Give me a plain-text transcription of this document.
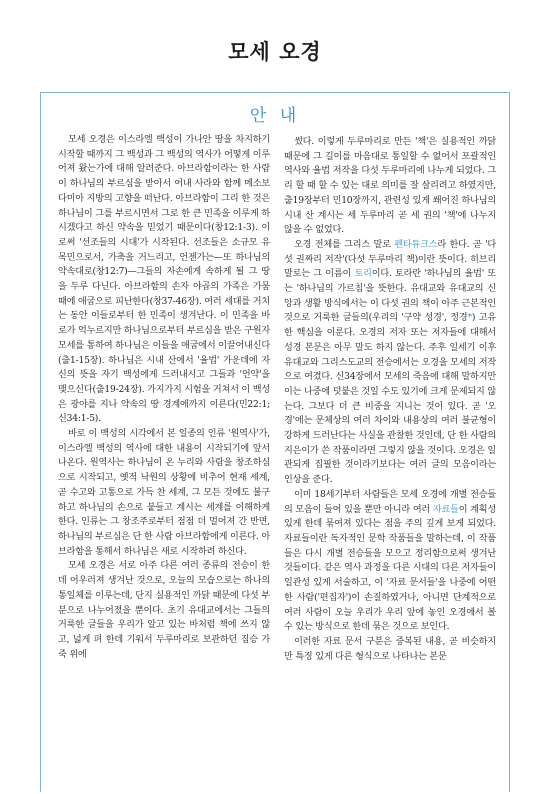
모세 오경
안 내

모세 오경은 이스라엘 백성이 가나안 땅을 차지하기 시작할 때까지 그 백성과 그 백성의 역사가 어떻게 이루어져 왔는가에 대해 알려준다. 아브라함이라는 한 사람이 하나님의 부르심을 받아서 어내 사라와 함께 메소보다미아 지방의 고향을 떠난다. 아브라함이 그리 한 것은 하나님이 그를 부르시면서 그로 한 큰 민족을 이루게 하시겠다고 하신 약속을 믿었기 때문이다(창12:1-3). 이로써 '선조들의 시대'가 시작된다. 선조들은 소규모 유목민으로서, 가축을 거느리고, 언젠가는—또 하나님의 약속대로(창12:7)—그들의 자손에게 속하게 될 그 땅을 두루 다닌다. 아브라함의 손자 야곱의 가족은 가뭄 때에 애굽으로 피난한다(창37-46장). 여러 세대를 거치는 동안 이들로부터 한 민족이 생겨난다. 이 민족을 바로가 억누르지만 하나님으로부터 부르심을 받은 구원자 모세를 통하여 하나님은 이들을 애굽에서 이끌어내신다(출1-15장). 하나님은 시내 산에서 '율법' 가운데에 자신의 뜻을 자기 백성에게 드러내시고 그들과 '언약'을 맺으신다(출19-24장). 가지가지 시험을 거쳐서 이 백성은 광야를 지나 약속의 땅 경계에까지 이른다(민22:1; 신34:1-5).

바로 이 백성의 시각에서 본 일종의 인류 '원역사'가, 이스라엘 백성의 역사에 대한 내용이 시작되기에 앞서 나온다. 원역사는 하나님이 온 누리와 사람을 창조하심으로 시작되고, 옛적 낙원의 상황에 비추어 현재 세계, 곧 수고와 고통으로 가득 찬 세계, 그 모든 것에도 불구하고 하나님의 손으로 붙들고 계시는 세계를 이해하게 한다. 인류는 그 창조주로부터 점점 더 멀어져 간 반면, 하나님의 부르심은 단 한 사람 아브라함에게 이른다. 아브라함을 통해서 하나님은 새로 시작하려 하신다.

모세 오경은 서로 아주 다른 여러 종류의 전승이 한데 어우러져 생겨난 것으로, 오늘의 모습으로는 하나의 통일체를 이루는데, 단지 실용적인 까닭 때문에 다섯 부분으로 나누어졌을 뿐이다. 초기 유대교에서는 그들의 거룩한 글들을 우리가 알고 있는 바처럼 책에 쓰지 않고, 넓게 펴 한데 기워서 두루마리로 보관하던 짐승 가죽 위에

썼다. 이렇게 두루마리로 만든 '책'은 실용적인 까닭 때문에 그 길이를 마음대로 통일할 수 없어서 포괄적인 역사와 율법 저작을 다섯 두루마리에 나누게 되었다. 그리 할 때 할 수 있는 대로 의미를 잘 살리려고 하였지만, 출19장부터 민10장까지, 관련성 있게 쐐어진 하나님의 시내 산 계시는 세 두루마리 곧 세 권의 '책'에 나누지 않을 수 없었다.

오경 전체를 그리스 말로 펜타튜크스라 한다. 곧 '다섯 권짜리 저작'(다섯 두루마리 책)이란 뜻이다. 히브리 말로는 그 이름이 토리이다. 토라란 '하나님의 율법' 또는 '하나님의 가르침'을 뜻한다. 유대교와 유대교의 신앙과 생활 방식에서는 이 다섯 권의 책이 아주 근본적인 것으로 거룩한 글들의(우리의 '구약 성경', 정경*) 고유한 핵심을 이룬다. 오경의 저자 또는 저자들에 대해서 성경 본문은 아무 말도 하지 않는다. 주후 일세기 이후 유대교와 그리스도교의 전승에서는 오경을 모세의 저작으로 여겼다. 신34장에서 모세의 죽음에 대해 말하지만 이는 나중에 덧붙은 것일 수도 있기에 크게 문제되지 않는다. 그보다 더 큰 비중을 지니는 것이 있다. 곧 '오경'에는 문체상의 여러 차이와 내용상의 여러 불균형이 강하게 드러난다는 사실을 관찰한 것인데, 단 한 사람의 지은이가 쓴 작품이라면 그렇지 않을 것이다. 오경은 일관되게 집필한 것이라기보다는 여러 글의 모음이라는 인상을 준다.

이미 18세기부터 사람들은 모세 오경에 개별 전승들의 모음이 들어 있을 뿐만 아니라 여러 자료들이 계획성 있게 한데 묶여져 있다는 점을 주의 깊게 보게 되었다. 자료들이란 독자적인 문학 작품들을 말하는데, 이 작품들은 다시 개별 전승들을 모으고 정리함으로써 생겨난 것들이다. 같은 역사 과정을 다른 시대의 다른 저자들이 일관성 있게 서술하고, 이 '자료 문서들'을 나중에 어떤 한 사람('편집자')이 손질하였거나, 아니면 단계적으로 여러 사람이 오늘 우리가 우리 앞에 놓인 오경에서 볼 수 있는 방식으로 한데 묶은 것으로 보인다.

이러한 자료 문서 구분은 중복된 내용, 곧 비슷하지만 특징 있게 다른 형식으로 나타나는 본문
